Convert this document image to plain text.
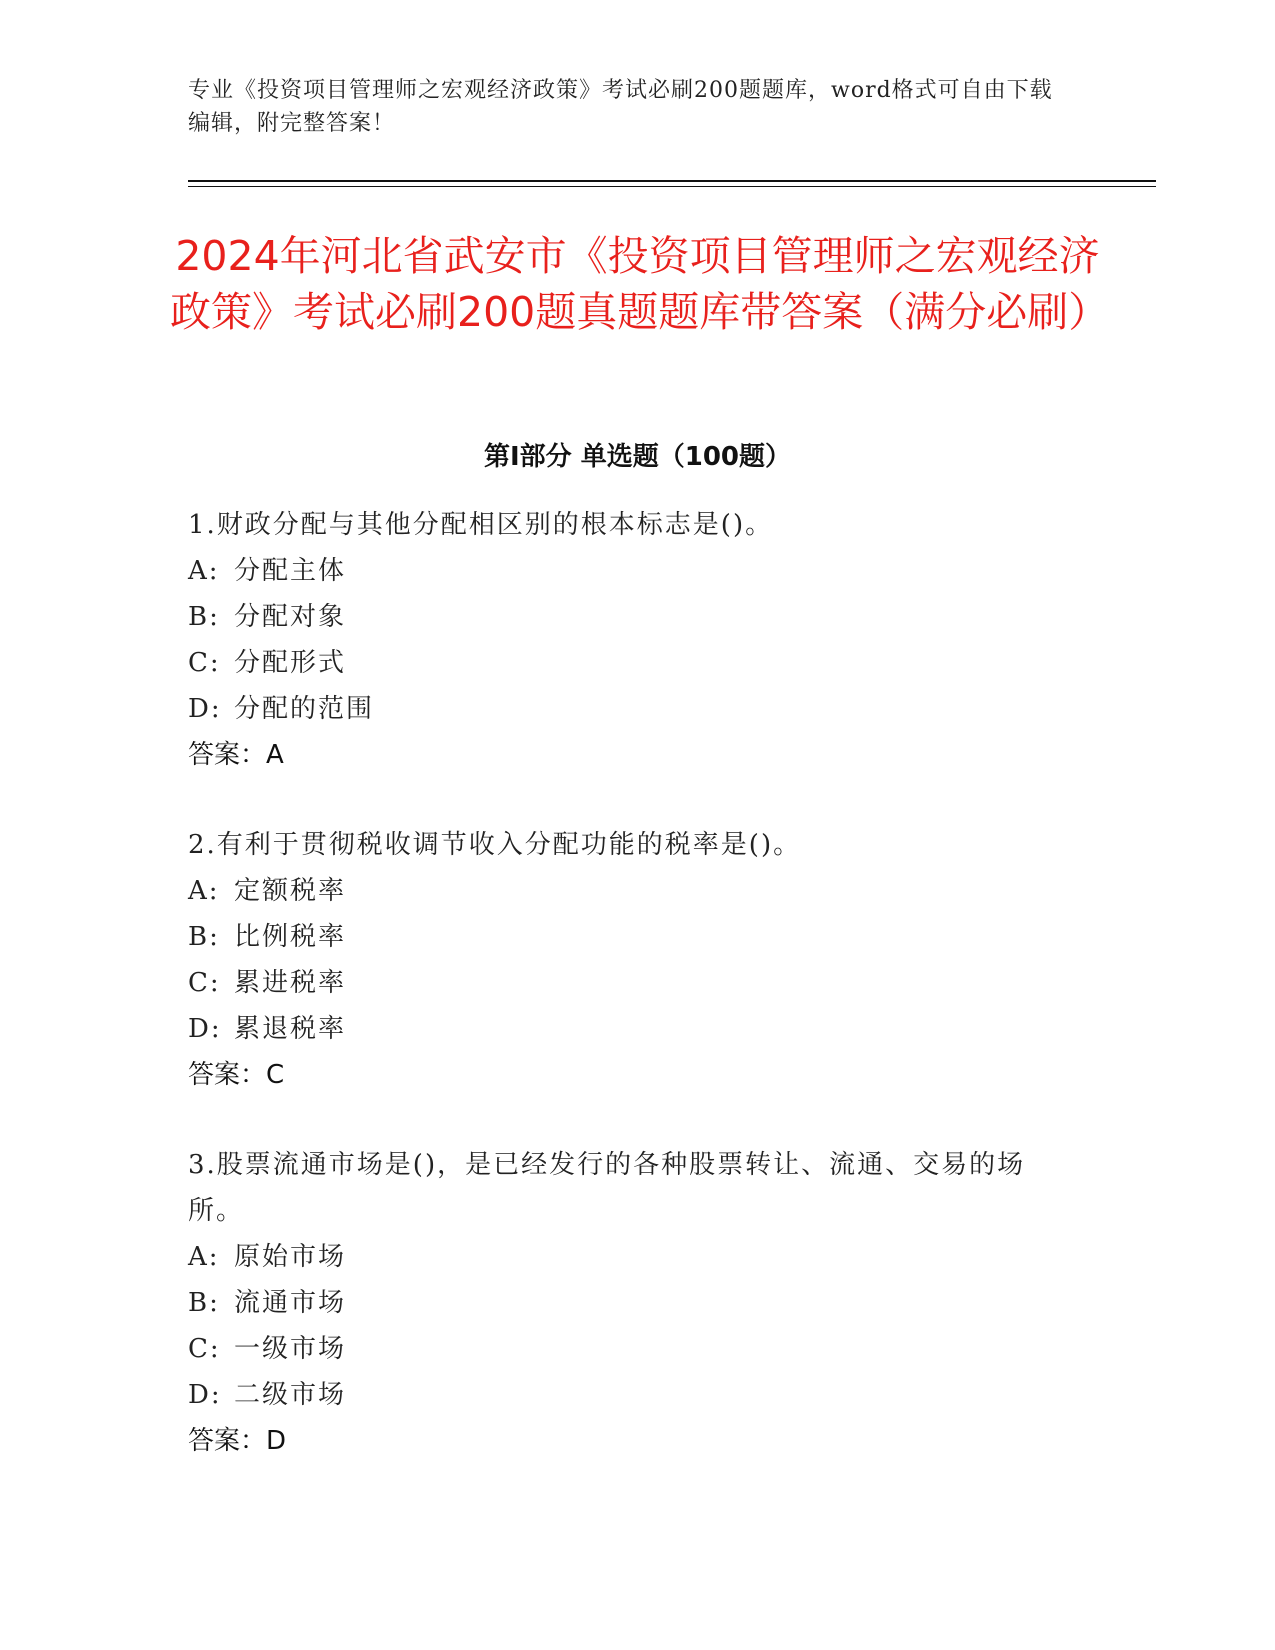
专业《投资项目管理师之宏观经济政策》考试必刷200题题库，word格式可自由下载编辑，附完整答案！
2024年河北省武安市《投资项目管理师之宏观经济政策》考试必刷200题真题题库带答案（满分必刷）
第I部分 单选题（100题）
1.财政分配与其他分配相区别的根本标志是()。
A: 分配主体
B: 分配对象
C: 分配形式
D: 分配的范围
答案：A
2.有利于贯彻税收调节收入分配功能的税率是()。
A: 定额税率
B: 比例税率
C: 累进税率
D: 累退税率
答案：C
3.股票流通市场是()，是已经发行的各种股票转让、流通、交易的场所。
A: 原始市场
B: 流通市场
C: 一级市场
D: 二级市场
答案：D
